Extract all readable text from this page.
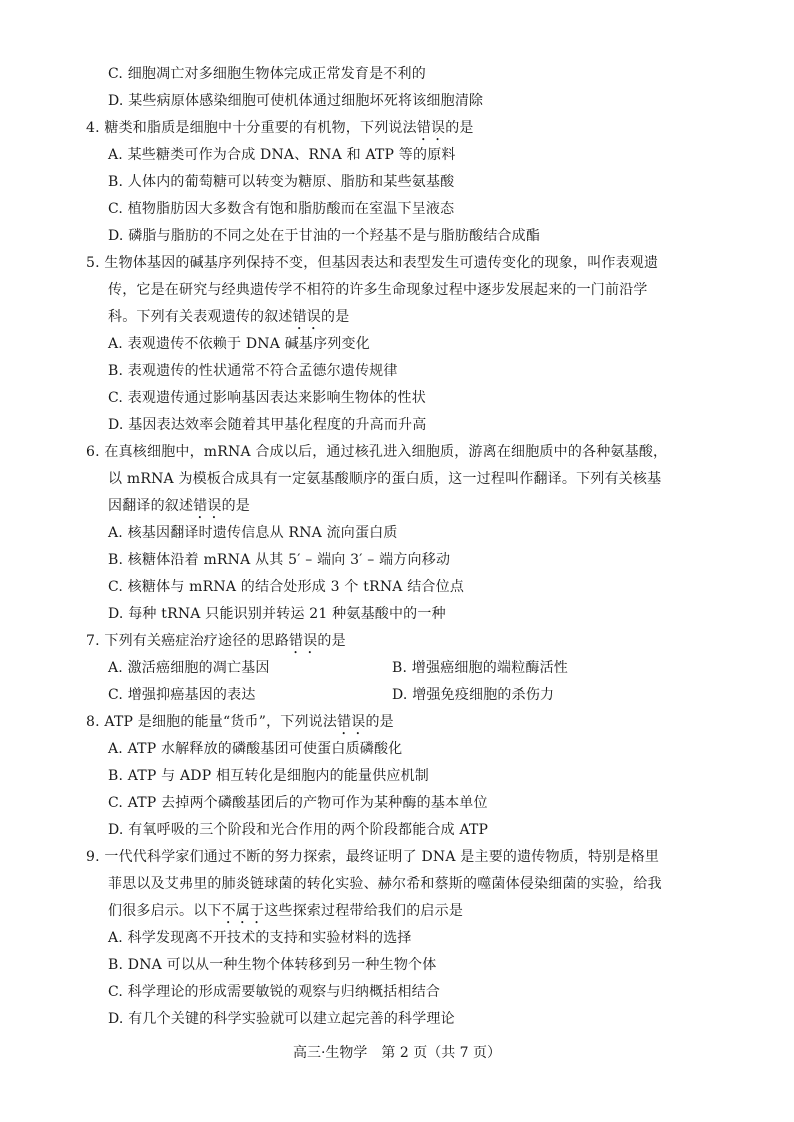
C. 细胞凋亡对多细胞生物体完成正常发育是不利的
D. 某些病原体感染细胞可使机体通过细胞坏死将该细胞清除
4. 糖类和脂质是细胞中十分重要的有机物，下列说法错误的是
A. 某些糖类可作为合成 DNA、RNA 和 ATP 等的原料
B. 人体内的葡萄糖可以转变为糖原、脂肪和某些氨基酸
C. 植物脂肪因大多数含有饱和脂肪酸而在室温下呈液态
D. 磷脂与脂肪的不同之处在于甘油的一个羟基不是与脂肪酸结合成酯
5. 生物体基因的碱基序列保持不变，但基因表达和表型发生可遗传变化的现象，叫作表观遗
传，它是在研究与经典遗传学不相符的许多生命现象过程中逐步发展起来的一门前沿学
科。下列有关表观遗传的叙述错误的是
A. 表观遗传不依赖于 DNA 碱基序列变化
B. 表观遗传的性状通常不符合孟德尔遗传规律
C. 表观遗传通过影响基因表达来影响生物体的性状
D. 基因表达效率会随着其甲基化程度的升高而升高
6. 在真核细胞中，mRNA 合成以后，通过核孔进入细胞质，游离在细胞质中的各种氨基酸，
以 mRNA 为模板合成具有一定氨基酸顺序的蛋白质，这一过程叫作翻译。下列有关核基
因翻译的叙述错误的是
A. 核基因翻译时遗传信息从 RNA 流向蛋白质
B. 核糖体沿着 mRNA 从其 5′ – 端向 3′ – 端方向移动
C. 核糖体与 mRNA 的结合处形成 3 个 tRNA 结合位点
D. 每种 tRNA 只能识别并转运 21 种氨基酸中的一种
7. 下列有关癌症治疗途径的思路错误的是
A. 激活癌细胞的凋亡基因	B. 增强癌细胞的端粒酶活性
C. 增强抑癌基因的表达	D. 增强免疫细胞的杀伤力
8. ATP 是细胞的能量“货币”，下列说法错误的是
A. ATP 水解释放的磷酸基团可使蛋白质磷酸化
B. ATP 与 ADP 相互转化是细胞内的能量供应机制
C. ATP 去掉两个磷酸基团后的产物可作为某种酶的基本单位
D. 有氧呼吸的三个阶段和光合作用的两个阶段都能合成 ATP
9. 一代代科学家们通过不断的努力探索，最终证明了 DNA 是主要的遗传物质，特别是格里
菲思以及艾弗里的肺炎链球菌的转化实验、赫尔希和蔡斯的噬菌体侵染细菌的实验，给我
们很多启示。以下不属于这些探索过程带给我们的启示是
A. 科学发现离不开技术的支持和实验材料的选择
B. DNA 可以从一种生物个体转移到另一种生物个体
C. 科学理论的形成需要敏锐的观察与归纳概括相结合
D. 有几个关键的科学实验就可以建立起完善的科学理论
高三·生物学　第 2 页（共 7 页）
